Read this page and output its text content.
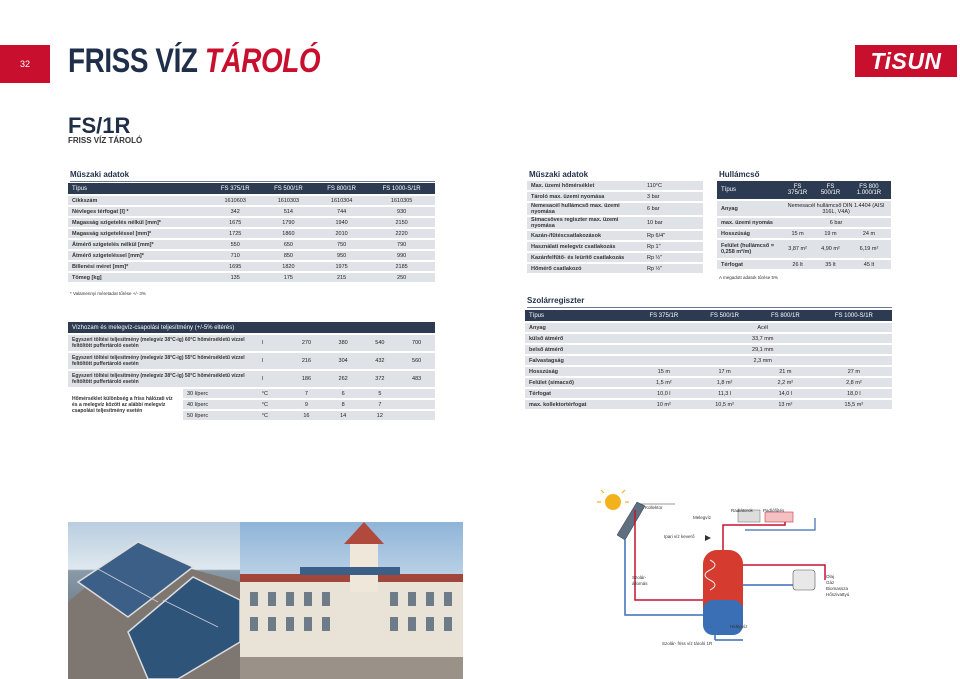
32	FRISS VÍZ TÁROLÓ	TiSUN
FS/1R
FRISS VÍZ TÁROLÓ
Műszaki adatok
Típus	FS 375/1R	FS 500/1R	FS 800/1R	FS 1000-S/1R
Cikkszám	1610603	1610303	1610304	1610305
Névleges térfogat [l] *	342	514	744	930
Magasság szigetelés nélkül [mm]*	1675	1790	1940	2150
Magasság szigeteléssel [mm]*	1725	1860	2010	2220
Átmérő szigetelés nélkül [mm]*	550	650	750	790
Átmérő szigeteléssel [mm]*	710	850	950	990
Billenési méret [mm]*	1695	1820	1975	2185
Tömeg [kg]	135	175	215	250
* Valamennyi méretadat tűrése +/- 3%
Vízhozam és melegvíz-csapolási teljesítmény (+/-5% eltérés)						
Egyszeri töltési teljesítmény (melegvíz 38°C-ig) 60°C hőmérsékletű vízzel feltöltött puffertároló esetén		l	270	380	540	700
Egyszeri töltési teljesítmény (melegvíz 38°C-ig) 55°C hőmérsékletű vízzel feltöltött puffertároló esetén		l	216	304	432	560
Egyszeri töltési teljesítmény (melegvíz 38°C-ig) 50°C hőmérsékletű vízzel feltöltött puffertároló esetén		l	186	262	372	483
Hőmérséklet különbség a friss hálózati víz és a melegvíz között az alábbi melegvíz csapolási teljesítmény esetén	30 l/perc	°C	7	6	5	
	40 l/perc	°C	9	8	7	
	50 l/perc	°C	16	14	12	
Műszaki adatok
Max. üzemi hőmérséklet	110°C
Tároló max. üzemi nyomása	3 bar
Nemesacél hullámcső max. üzemi nyomása	6 bar
Simacsöves regiszter max. üzemi nyomása	10 bar
Kazán-/fűtéscsatlakozások	Rp 6/4"
Használati melegvíz csatlakozás	Rp 1"
Kazánfelfűtő- és leürítő csatlakozás	Rp ½"
Hőmérő csatlakozó	Rp ½"
Hullámcső
Típus	FS 375/1R	FS 500/1R	FS 800 1.000/1R
Anyag	Nemesacél hullámcső DIN 1.4404 (AISI 316L, V4A)		
max. üzemi nyomás	6 bar		
Hosszúság	15 m	19 m	24 m
Felület (hullámcső = 0,258 m²/m)	3,87 m²	4,90 m²	6,19 m²
Térfogat	26 lt	35 lt	45 lt
A megadott adatok tűrése 5%
Szolárregiszter
Típus	FS 375/1R	FS 500/1R	FS 800/1R	FS 1000-S/1R
Anyag	Acél			
külső átmérő	33,7 mm			
belső átmérő	29,1 mm			
Falvastagság	2,3 mm			
Hosszúság	15 m	17 m	21 m	27 m
Felület (simacső)	1,5 m²	1,8 m²	2,2 m²	2,8 m²
Térfogat	10,0 l	11,3 l	14,0 l	18,0 l
max. kollektortérfogat	10 m²	10,5 m²	13 m²	15,5 m²
Kollektor
Melegvíz
Radiátorok Padlófűtés
Ipari víz keverő
Szolár-
állomás
Olaj
Gáz
Biomassza
Hőszivattyú
Hidegvíz
Szolár- friss víz tároló 1R
